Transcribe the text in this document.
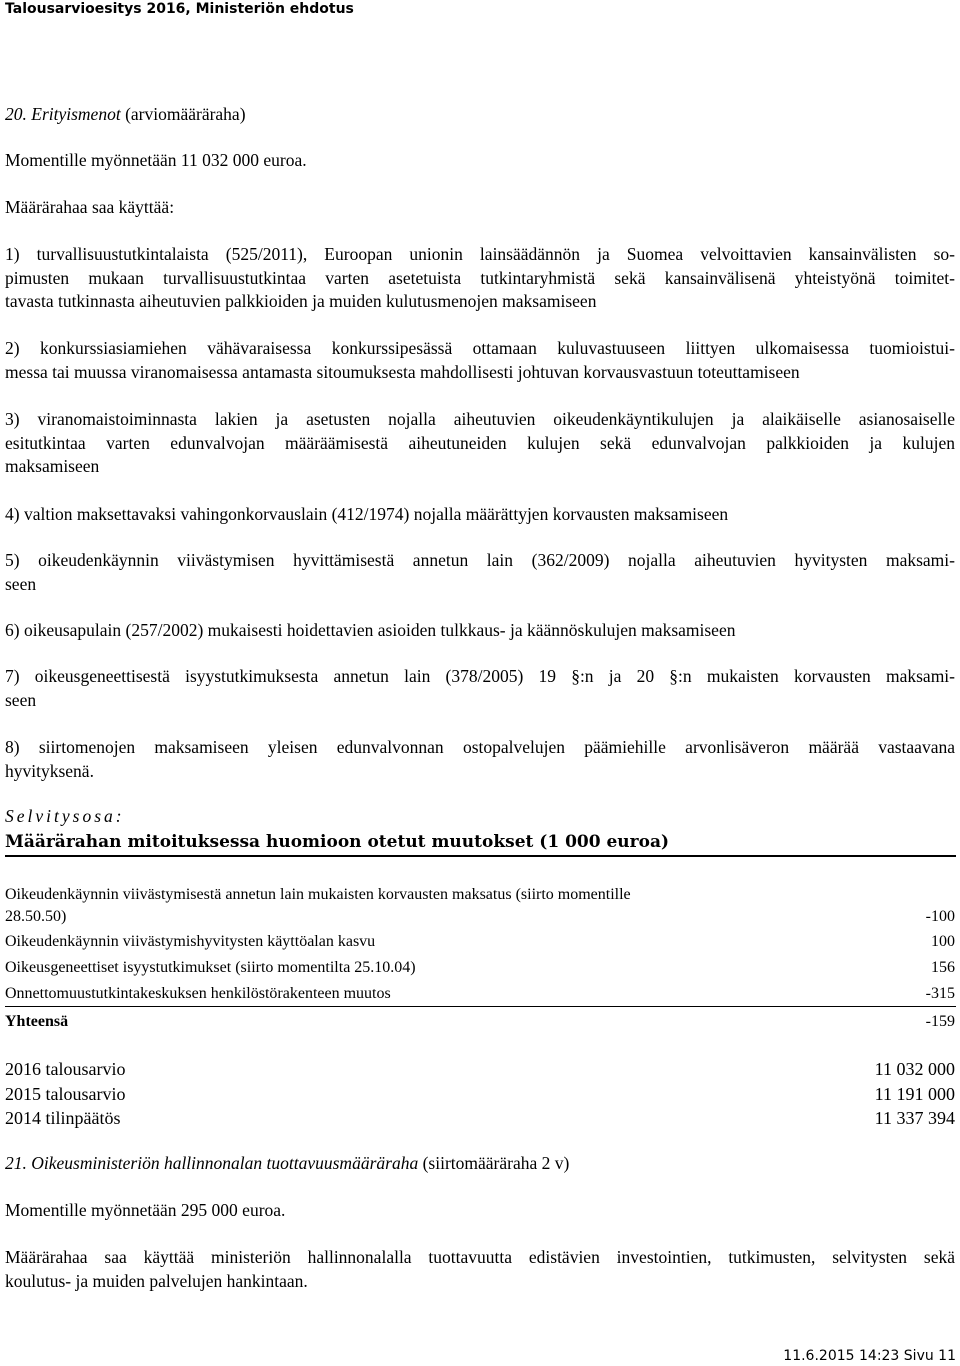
Talousarvioesitys 2016, Ministeriön ehdotus
20. Erityismenot (arviomääräraha)
Momentille myönnetään 11 032 000 euroa.
Määrärahaa saa käyttää:
1) turvallisuustutkintalaista (525/2011), Euroopan unionin lainsäädännön ja Suomea velvoittavien kansainvälisten so-
pimusten mukaan turvallisuustutkintaa varten asetetuista tutkintaryhmistä sekä kansainvälisenä yhteistyönä toimitet-
tavasta tutkinnasta aiheutuvien palkkioiden ja muiden kulutusmenojen maksamiseen
2) konkurssiasiamiehen vähävaraisessa konkurssipesässä ottamaan kuluvastuuseen liittyen ulkomaisessa tuomioistui-
messa tai muussa viranomaisessa antamasta sitoumuksesta mahdollisesti johtuvan korvausvastuun toteuttamiseen
3) viranomaistoiminnasta lakien ja asetusten nojalla aiheutuvien oikeudenkäyntikulujen ja alaikäiselle asianosaiselle
esitutkintaa varten edunvalvojan määräämisestä aiheutuneiden kulujen sekä edunvalvojan palkkioiden ja kulujen
maksamiseen
4) valtion maksettavaksi vahingonkorvauslain (412/1974) nojalla määrättyjen korvausten maksamiseen
5) oikeudenkäynnin viivästymisen hyvittämisestä annetun lain (362/2009) nojalla aiheutuvien hyvitysten maksami-
seen
6) oikeusapulain (257/2002) mukaisesti hoidettavien asioiden tulkkaus- ja käännöskulujen maksamiseen
7) oikeusgeneettisestä isyystutkimuksesta annetun lain (378/2005) 19 §:n ja 20 §:n mukaisten korvausten maksami-
seen
8) siirtomenojen maksamiseen yleisen edunvalvonnan ostopalvelujen päämiehille arvonlisäveron määrää vastaavana
hyvityksenä.
Selvitysosa:
Määrärahan mitoituksessa huomioon otetut muutokset (1 000 euroa)
Oikeudenkäynnin viivästymisestä annetun lain mukaisten korvausten maksatus (siirto momentille
28.50.50)	-100
Oikeudenkäynnin viivästymishyvitysten käyttöalan kasvu	100
Oikeusgeneettiset isyystutkimukset (siirto momentilta 25.10.04)	156
Onnettomuustutkintakeskuksen henkilöstörakenteen muutos	-315
Yhteensä	-159
2016 talousarvio	11 032 000
2015 talousarvio	11 191 000
2014 tilinpäätös	11 337 394
21. Oikeusministeriön hallinnonalan tuottavuusmääräraha (siirtomääräraha 2 v)
Momentille myönnetään 295 000 euroa.
Määrärahaa saa käyttää ministeriön hallinnonalalla tuottavuutta edistävien investointien, tutkimusten, selvitysten sekä
koulutus- ja muiden palvelujen hankintaan.
11.6.2015 14:23 Sivu 11
